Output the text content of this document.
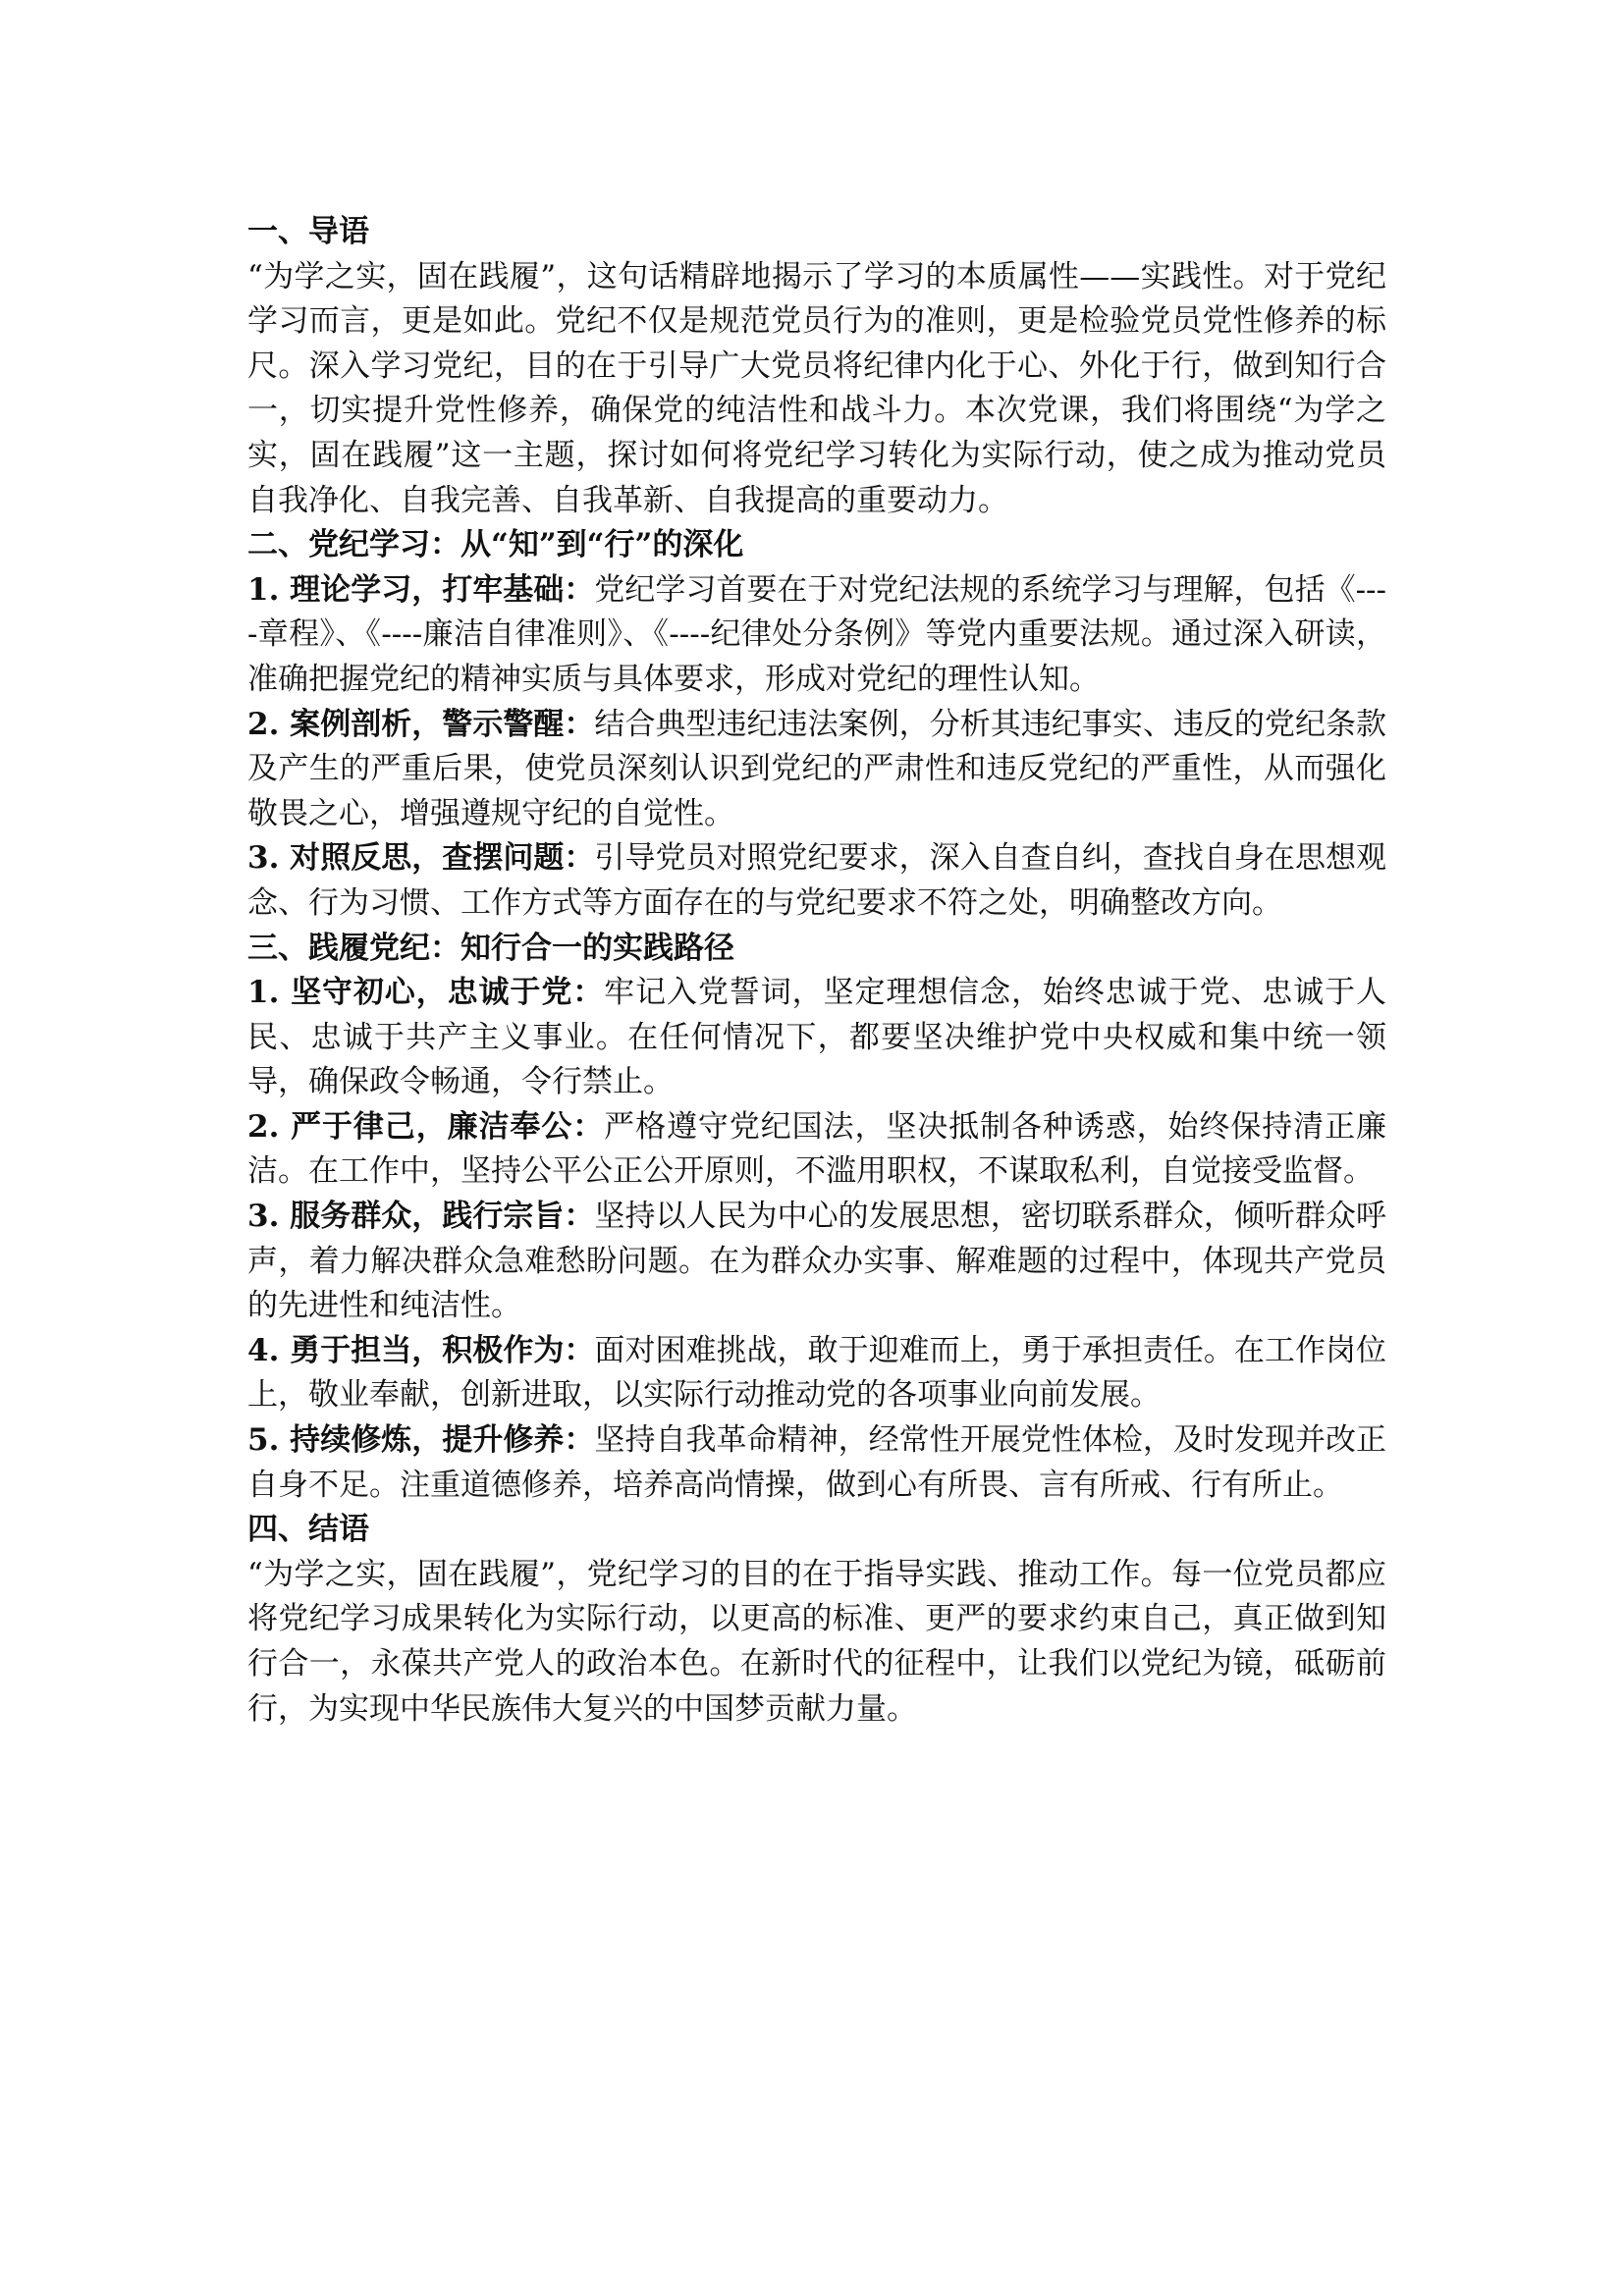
一、导语

“为学之实，固在践履”，这句话精辟地揭示了学习的本质属性——实践性。对于党纪学习而言，更是如此。党纪不仅是规范党员行为的准则，更是检验党员党性修养的标尺。深入学习党纪，目的在于引导广大党员将纪律内化于心、外化于行，做到知行合一，切实提升党性修养，确保党的纯洁性和战斗力。本次党课，我们将围绕“为学之实，固在践履”这一主题，探讨如何将党纪学习转化为实际行动，使之成为推动党员自我净化、自我完善、自我革新、自我提高的重要动力。

二、党纪学习：从“知”到“行”的深化

1. 理论学习，打牢基础：党纪学习首要在于对党纪法规的系统学习与理解，包括《----章程》、《----廉洁自律准则》、《----纪律处分条例》等党内重要法规。通过深入研读，准确把握党纪的精神实质与具体要求，形成对党纪的理性认知。

2. 案例剖析，警示警醒：结合典型违纪违法案例，分析其违纪事实、违反的党纪条款及产生的严重后果，使党员深刻认识到党纪的严肃性和违反党纪的严重性，从而强化敬畏之心，增强遵规守纪的自觉性。

3. 对照反思，查摆问题：引导党员对照党纪要求，深入自查自纠，查找自身在思想观念、行为习惯、工作方式等方面存在的与党纪要求不符之处，明确整改方向。

三、践履党纪：知行合一的实践路径

1. 坚守初心，忠诚于党：牢记入党誓词，坚定理想信念，始终忠诚于党、忠诚于人民、忠诚于共产主义事业。在任何情况下，都要坚决维护党中央权威和集中统一领导，确保政令畅通，令行禁止。

2. 严于律己，廉洁奉公：严格遵守党纪国法，坚决抵制各种诱惑，始终保持清正廉洁。在工作中，坚持公平公正公开原则，不滥用职权，不谋取私利，自觉接受监督。

3. 服务群众，践行宗旨：坚持以人民为中心的发展思想，密切联系群众，倾听群众呼声，着力解决群众急难愁盼问题。在为群众办实事、解难题的过程中，体现共产党员的先进性和纯洁性。

4. 勇于担当，积极作为：面对困难挑战，敢于迎难而上，勇于承担责任。在工作岗位上，敬业奉献，创新进取，以实际行动推动党的各项事业向前发展。

5. 持续修炼，提升修养：坚持自我革命精神，经常性开展党性体检，及时发现并改正自身不足。注重道德修养，培养高尚情操，做到心有所畏、言有所戒、行有所止。

四、结语

“为学之实，固在践履”，党纪学习的目的在于指导实践、推动工作。每一位党员都应将党纪学习成果转化为实际行动，以更高的标准、更严的要求约束自己，真正做到知行合一，永葆共产党人的政治本色。在新时代的征程中，让我们以党纪为镜，砥砺前行，为实现中华民族伟大复兴的中国梦贡献力量。
